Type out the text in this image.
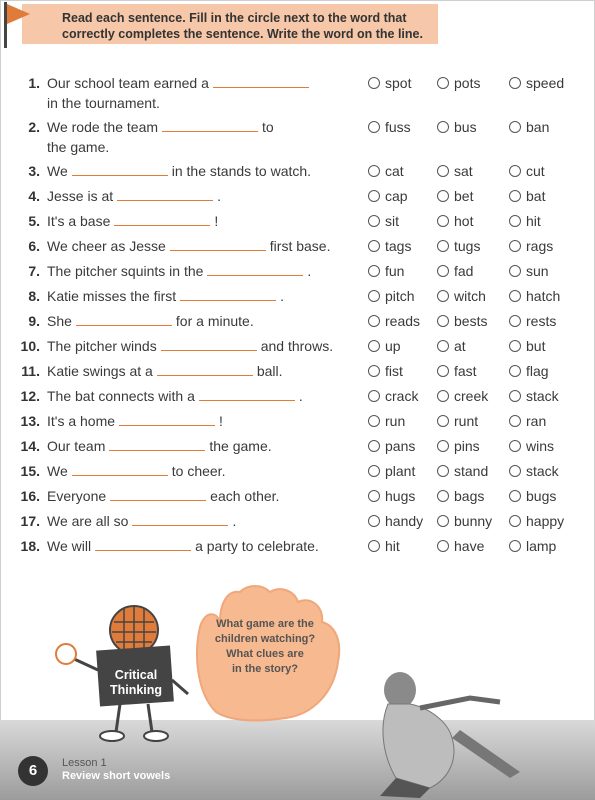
Read each sentence. Fill in the circle next to the word that correctly completes the sentence. Write the word on the line.
1. Our school team earned a
in the tournament.
spot	pots	speed
2. We rode the team	to
the game.
fuss	bus	ban
3. We	in the stands to watch.	cat	sat	cut
4. Jesse is at	.	cap	bet	bat
5. It's a base	!	sit	hot	hit
6. We cheer as Jesse	first base.	tags	tugs	rags
7. The pitcher squints in the	.	fun	fad	sun
8. Katie misses the first	.	pitch	witch	hatch
9. She	for a minute.	reads	bests	rests
10. The pitcher winds	and throws.	up	at	but
11. Katie swings at a	ball.	fist	fast	flag
12. The bat connects with a	.	crack	creek	stack
13. It's a home	!	run	runt	ran
14. Our team	the game.	pans	pins	wins
15. We	to cheer.	plant	stand	stack
16. Everyone	each other.	hugs	bags	bugs
17. We are all so	.	handy	bunny	happy
18. We will	a party to celebrate.	hit	have	lamp
What game are the
children watching?
What clues are
in the story?
Critical
Thinking
6	Lesson 1
Review short vowels
